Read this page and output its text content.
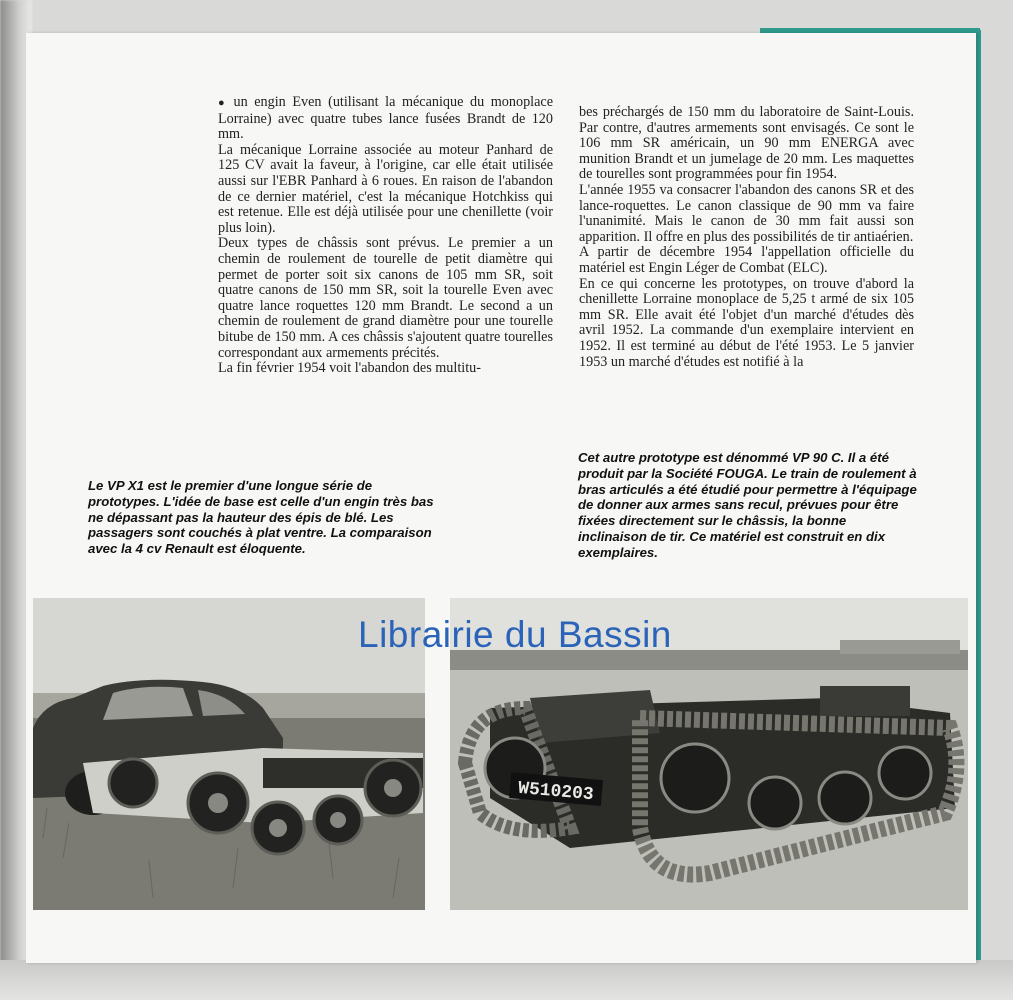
● un engin Even (utilisant la mécanique du monoplace Lorraine) avec quatre tubes lance fusées Brandt de 120 mm.

La mécanique Lorraine associée au moteur Panhard de 125 CV avait la faveur, à l'origine, car elle était utilisée aussi sur l'EBR Panhard à 6 roues. En raison de l'abandon de ce dernier matériel, c'est la mécanique Hotchkiss qui est retenue. Elle est déjà utilisée pour une chenillette (voir plus loin).

Deux types de châssis sont prévus. Le premier a un chemin de roulement de tourelle de petit diamètre qui permet de porter soit six canons de 105 mm SR, soit quatre canons de 150 mm SR, soit la tourelle Even avec quatre lance roquettes 120 mm Brandt. Le second a un chemin de roulement de grand diamètre pour une tourelle bitube de 150 mm. A ces châssis s'ajoutent quatre tourelles correspondant aux armements précités.

La fin février 1954 voit l'abandon des multitu-

bes préchargés de 150 mm du laboratoire de Saint-Louis. Par contre, d'autres armements sont envisagés. Ce sont le 106 mm SR américain, un 90 mm ENERGA avec munition Brandt et un jumelage de 20 mm. Les maquettes de tourelles sont programmées pour fin 1954.

L'année 1955 va consacrer l'abandon des canons SR et des lance-roquettes. Le canon classique de 90 mm va faire l'unanimité. Mais le canon de 30 mm fait aussi son apparition. Il offre en plus des possibilités de tir antiaérien.

A partir de décembre 1954 l'appellation officielle du matériel est Engin Léger de Combat (ELC).

En ce qui concerne les prototypes, on trouve d'abord la chenillette Lorraine monoplace de 5,25 t armé de six 105 mm SR. Elle avait été l'objet d'un marché d'études dès avril 1952. La commande d'un exemplaire intervient en 1952. Il est terminé au début de l'été 1953. Le 5 janvier 1953 un marché d'études est notifié à la

Le VP X1 est le premier d'une longue série de prototypes. L'idée de base est celle d'un engin très bas ne dépassant pas la hauteur des épis de blé. Les passagers sont couchés à plat ventre. La comparaison avec la 4 cv Renault est éloquente.
Cet autre prototype est dénommé VP 90 C. Il a été produit par la Société FOUGA. Le train de roulement à bras articulés a été étudié pour permettre à l'équipage de donner aux armes sans recul, prévues pour être fixées directement sur le châssis, la bonne inclinaison de tir. Ce matériel est construit en dix exemplaires.
W510203
Librairie du Bassin
